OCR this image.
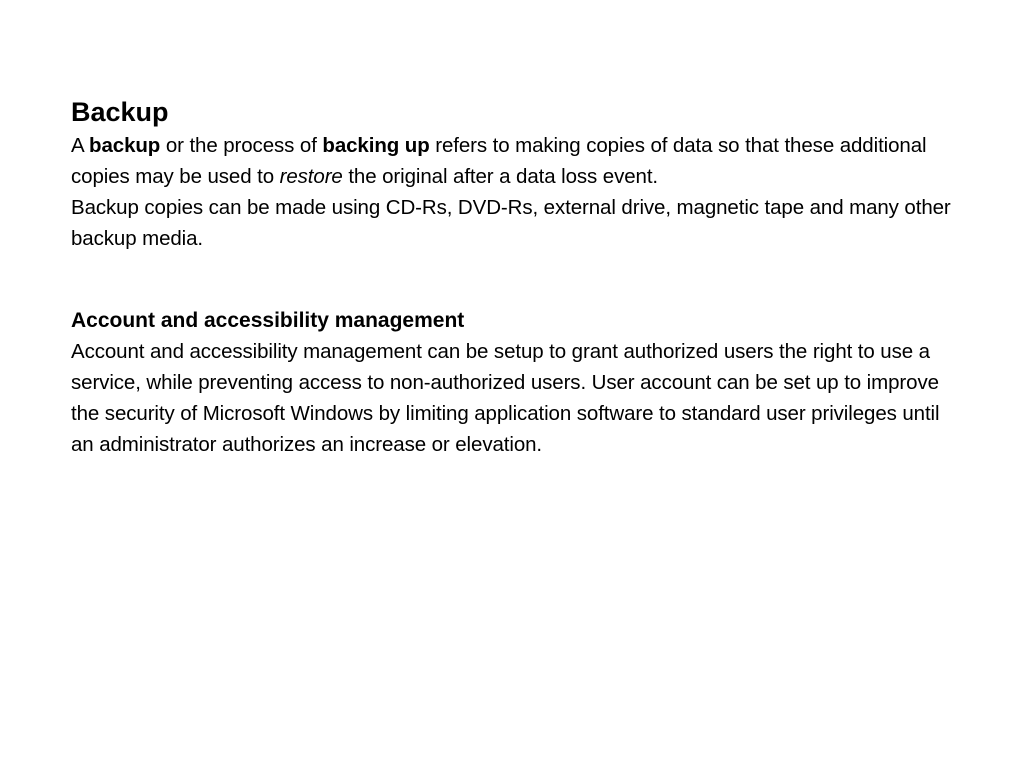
Backup

A backup or the process of backing up refers to making copies of data so that these additional copies may be used to restore the original after a data loss event.

Backup copies can be made using CD-Rs, DVD-Rs, external drive, magnetic tape and many other backup media.

Account and accessibility management

Account and accessibility management can be setup to grant authorized users the right to use a service, while preventing access to non-authorized users. User account can be set up to improve the security of Microsoft Windows by limiting application software to standard user privileges until an administrator authorizes an increase or elevation.
